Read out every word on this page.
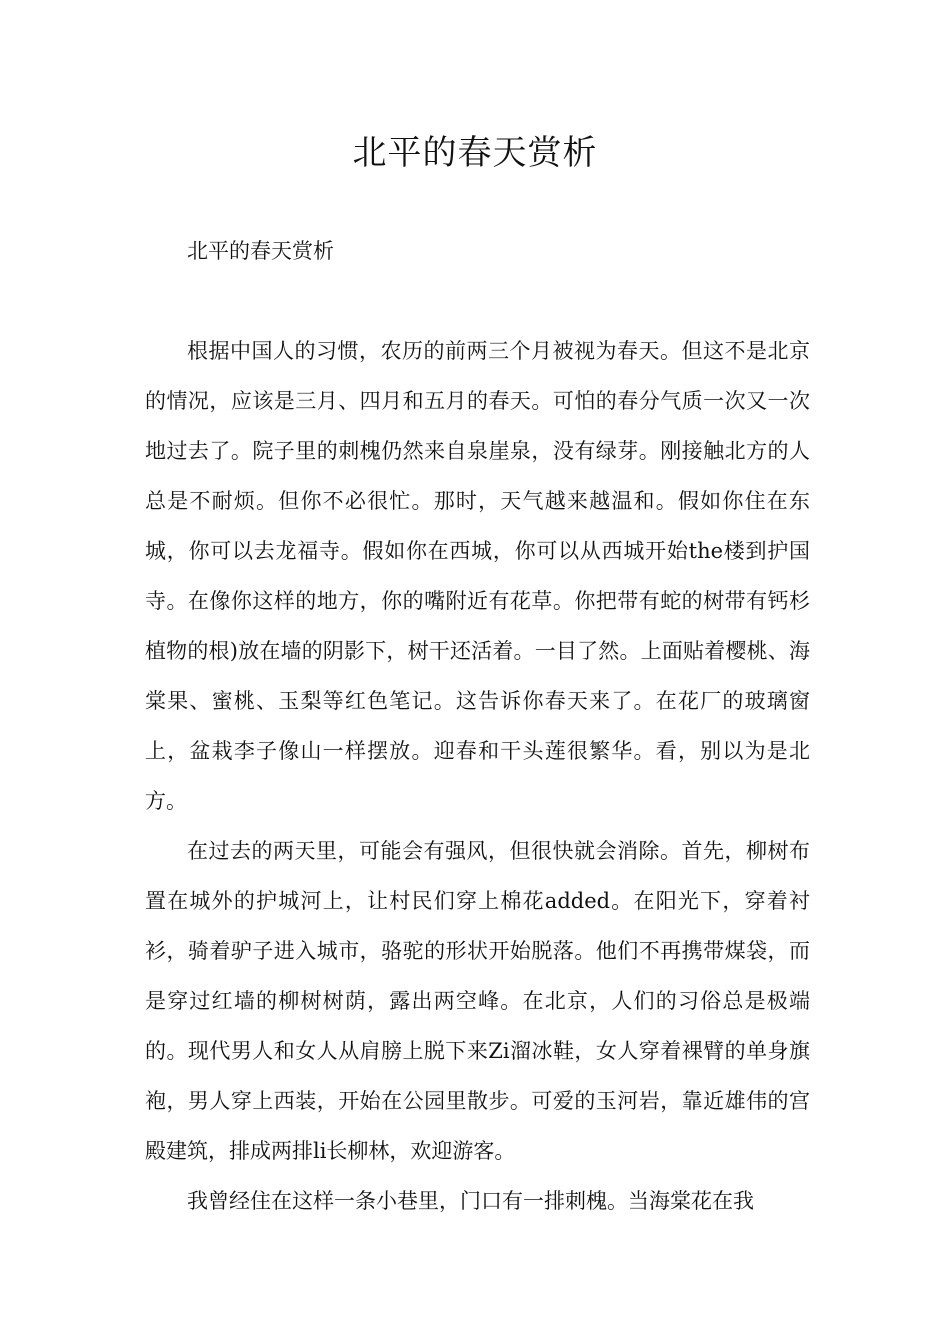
北平的春天赏析

北平的春天赏析

根据中国人的习惯，农历的前两三个月被视为春天。但这不是北京的情况，应该是三月、四月和五月的春天。可怕的春分气质一次又一次地过去了。院子里的刺槐仍然来自泉崖泉，没有绿芽。刚接触北方的人总是不耐烦。但你不必很忙。那时，天气越来越温和。假如你住在东城，你可以去龙福寺。假如你在西城，你可以从西城开始the楼到护国寺。在像你这样的地方，你的嘴附近有花草。你把带有蛇的树带有钙杉植物的根)放在墙的阴影下，树干还活着。一目了然。上面贴着樱桃、海棠果、蜜桃、玉梨等红色笔记。这告诉你春天来了。在花厂的玻璃窗上，盆栽李子像山一样摆放。迎春和干头莲很繁华。看，别以为是北方。

在过去的两天里，可能会有强风，但很快就会消除。首先，柳树布置在城外的护城河上，让村民们穿上棉花added。在阳光下，穿着衬衫，骑着驴子进入城市，骆驼的形状开始脱落。他们不再携带煤袋，而是穿过红墙的柳树树荫，露出两空峰。在北京，人们的习俗总是极端的。现代男人和女人从肩膀上脱下来Zi溜冰鞋，女人穿着裸臂的单身旗袍，男人穿上西装，开始在公园里散步。可爱的玉河岩，靠近雄伟的宫殿建筑，排成两排li长柳林，欢迎游客。

我曾经住在这样一条小巷里，门口有一排刺槐。当海棠花在我
